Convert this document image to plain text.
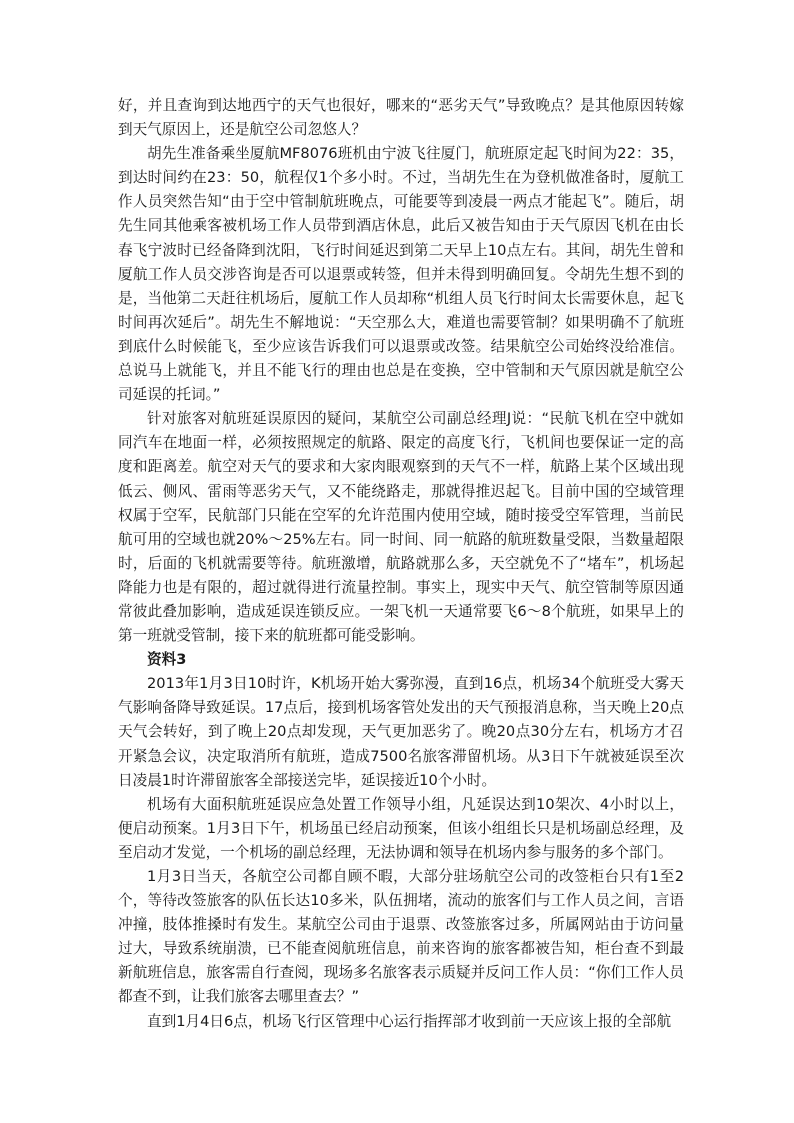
好，并且查询到达地西宁的天气也很好，哪来的“恶劣天气”导致晚点？是其他原因转嫁到天气原因上，还是航空公司忽悠人？

胡先生准备乘坐厦航MF8076班机由宁波飞往厦门，航班原定起飞时间为22：35，到达时间约在23：50，航程仅1个多小时。不过，当胡先生在为登机做准备时，厦航工作人员突然告知“由于空中管制航班晚点，可能要等到凌晨一两点才能起飞”。随后，胡先生同其他乘客被机场工作人员带到酒店休息，此后又被告知由于天气原因飞机在由长春飞宁波时已经备降到沈阳，飞行时间延迟到第二天早上10点左右。其间，胡先生曾和厦航工作人员交涉咨询是否可以退票或转签，但并未得到明确回复。令胡先生想不到的是，当他第二天赶往机场后，厦航工作人员却称“机组人员飞行时间太长需要休息，起飞时间再次延后”。胡先生不解地说：“天空那么大，难道也需要管制？如果明确不了航班到底什么时候能飞，至少应该告诉我们可以退票或改签。结果航空公司始终没给准信。总说马上就能飞，并且不能飞行的理由也总是在变换，空中管制和天气原因就是航空公司延误的托词。”

针对旅客对航班延误原因的疑问，某航空公司副总经理J说：“民航飞机在空中就如同汽车在地面一样，必须按照规定的航路、限定的高度飞行，飞机间也要保证一定的高度和距离差。航空对天气的要求和大家肉眼观察到的天气不一样，航路上某个区域出现低云、侧风、雷雨等恶劣天气，又不能绕路走，那就得推迟起飞。目前中国的空域管理权属于空军，民航部门只能在空军的允许范围内使用空域，随时接受空军管理，当前民航可用的空域也就20%～25%左右。同一时间、同一航路的航班数量受限，当数量超限时，后面的飞机就需要等待。航班激增，航路就那么多，天空就免不了“堵车”，机场起降能力也是有限的，超过就得进行流量控制。事实上，现实中天气、航空管制等原因通常彼此叠加影响，造成延误连锁反应。一架飞机一天通常要飞6～8个航班，如果早上的第一班就受管制，接下来的航班都可能受影响。

资料3

2013年1月3日10时许，K机场开始大雾弥漫，直到16点，机场34个航班受大雾天气影响备降导致延误。17点后，接到机场客管处发出的天气预报消息称，当天晚上20点天气会转好，到了晚上20点却发现，天气更加恶劣了。晚20点30分左右，机场方才召开紧急会议，决定取消所有航班，造成7500名旅客滞留机场。从3日下午就被延误至次日凌晨1时许滞留旅客全部接送完毕，延误接近10个小时。

机场有大面积航班延误应急处置工作领导小组，凡延误达到10架次、4小时以上，便启动预案。1月3日下午，机场虽已经启动预案，但该小组组长只是机场副总经理，及至启动才发觉，一个机场的副总经理，无法协调和领导在机场内参与服务的多个部门。

1月3日当天，各航空公司都自顾不暇，大部分驻场航空公司的改签柜台只有1至2个，等待改签旅客的队伍长达10多米，队伍拥堵，流动的旅客们与工作人员之间，言语冲撞，肢体推搡时有发生。某航空公司由于退票、改签旅客过多，所属网站由于访问量过大，导致系统崩溃，已不能查阅航班信息，前来咨询的旅客都被告知，柜台查不到最新航班信息，旅客需自行查阅，现场多名旅客表示质疑并反问工作人员：“你们工作人员都查不到，让我们旅客去哪里查去？”

直到1月4日6点，机场飞行区管理中心运行指挥部才收到前一天应该上报的全部航
